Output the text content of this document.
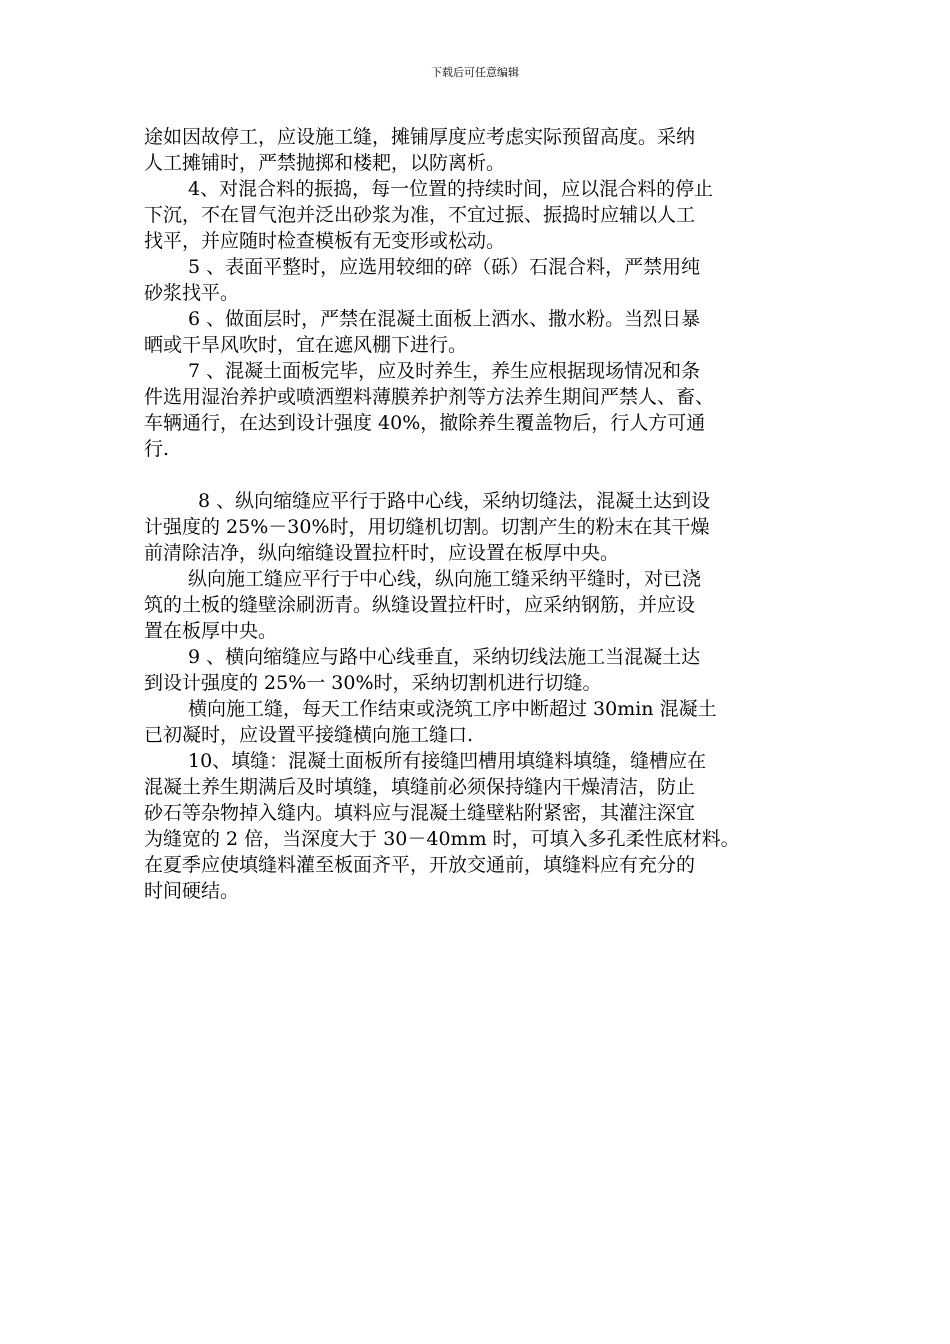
下载后可任意编辑

途如因故停工，应设施工缝，摊铺厚度应考虑实际预留高度。采纳

人工摊铺时，严禁抛掷和楼耙，以防离析。

4、对混合料的振捣，每一位置的持续时间，应以混合料的停止

下沉，不在冒气泡并泛出砂浆为准，不宜过振、振捣时应辅以人工

找平，并应随时检查模板有无变形或松动。

5 、表面平整时，应选用较细的碎（砾）石混合料，严禁用纯

砂浆找平。

6 、做面层时，严禁在混凝土面板上洒水、撒水粉。当烈日暴

晒或干旱风吹时，宜在遮风棚下进行。

7 、混凝土面板完毕，应及时养生，养生应根据现场情况和条

件选用湿治养护或喷洒塑料薄膜养护剂等方法养生期间严禁人、畜、

车辆通行，在达到设计强度 40%，撤除养生覆盖物后，行人方可通

行.

8 、纵向缩缝应平行于路中心线，采纳切缝法，混凝土达到设

计强度的 25%－30%时，用切缝机切割。切割产生的粉末在其干燥

前清除洁净，纵向缩缝设置拉杆时，应设置在板厚中央。

纵向施工缝应平行于中心线，纵向施工缝采纳平缝时，对已浇

筑的土板的缝壁涂刷沥青。纵缝设置拉杆时，应采纳钢筋，并应设

置在板厚中央。

9 、横向缩缝应与路中心线垂直，采纳切线法施工当混凝土达

到设计强度的 25%一 30%时，采纳切割机进行切缝。

横向施工缝，每天工作结束或浇筑工序中断超过 30min 混凝土

已初凝时，应设置平接缝横向施工缝口.

10、填缝：混凝土面板所有接缝凹槽用填缝料填缝，缝槽应在

混凝土养生期满后及时填缝，填缝前必须保持缝内干燥清洁，防止

砂石等杂物掉入缝内。填料应与混凝土缝壁粘附紧密，其灌注深宜

为缝宽的 2 倍，当深度大于 30－40mm 时，可填入多孔柔性底材料。

在夏季应使填缝料灌至板面齐平，开放交通前，填缝料应有充分的

时间硬结。
